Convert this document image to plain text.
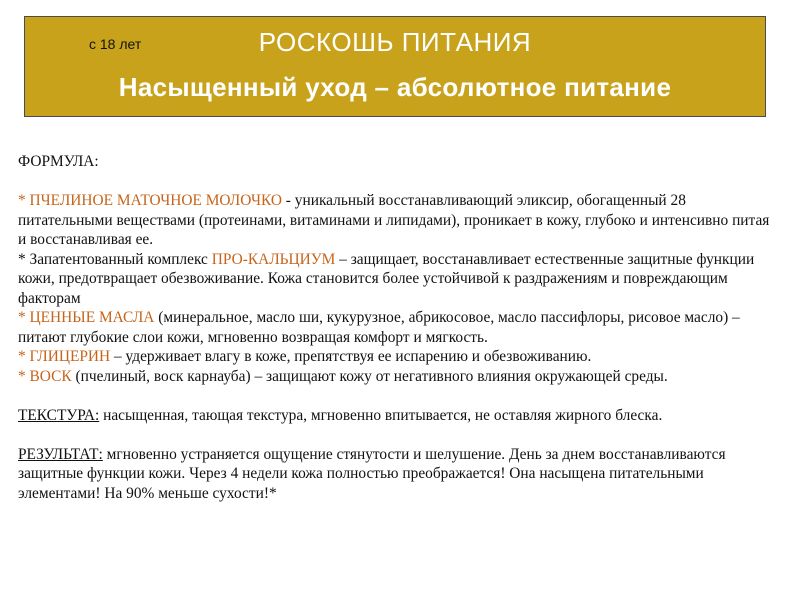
с 18 лет	РОСКОШЬ ПИТАНИЯ
Насыщенный уход – абсолютное питание

ФОРМУЛА:

* ПЧЕЛИНОЕ МАТОЧНОЕ МОЛОЧКО - уникальный восстанавливающий эликсир, обогащенный 28 питательными веществами (протеинами, витаминами и липидами), проникает в кожу, глубоко и интенсивно питая и восстанавливая ее.

* Запатентованный комплекс ПРО-КАЛЬЦИУМ – защищает, восстанавливает естественные защитные функции кожи, предотвращает обезвоживание. Кожа становится более устойчивой к раздражениям и повреждающим факторам

* ЦЕННЫЕ МАСЛА (минеральное, масло ши, кукурузное, абрикосовое, масло пассифлоры, рисовое масло) – питают глубокие слои кожи, мгновенно возвращая комфорт и мягкость.

* ГЛИЦЕРИН – удерживает влагу в коже, препятствуя ее испарению и обезвоживанию.

* ВОСК (пчелиный, воск карнауба) – защищают кожу от негативного влияния окружающей среды.

ТЕКСТУРА: насыщенная, тающая текстура, мгновенно впитывается, не оставляя жирного блеска.

РЕЗУЛЬТАТ: мгновенно устраняется ощущение стянутости и шелушение. День за днем восстанавливаются защитные функции кожи. Через 4 недели кожа полностью преображается! Она насыщена питательными элементами! На 90% меньше сухости!*
